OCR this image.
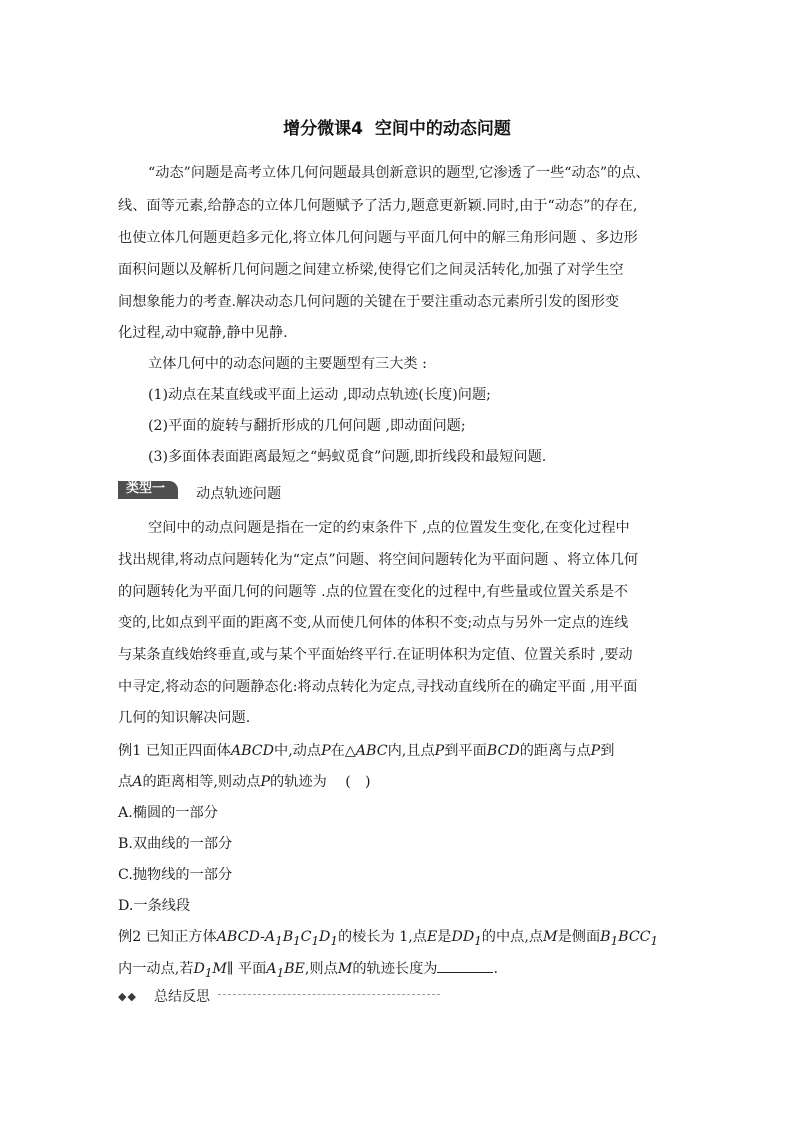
增分微课4 空间中的动态问题
“动态”问题是高考立体几何问题最具创新意识的题型,它渗透了一些“动态”的点、
线、面等元素,给静态的立体几何题赋予了活力,题意更新颖.同时,由于“动态”的存在,
也使立体几何题更趋多元化,将立体几何问题与平面几何中的解三角形问题 、多边形
面积问题以及解析几何问题之间建立桥梁,使得它们之间灵活转化,加强了对学生空
间想象能力的考查.解决动态几何问题的关键在于要注重动态元素所引发的图形变
化过程,动中窥静,静中见静.
立体几何中的动态问题的主要题型有三大类 :
(1)动点在某直线或平面上运动 ,即动点轨迹(长度)问题;
(2)平面的旋转与翻折形成的几何问题 ,即动面问题;
(3)多面体表面距离最短之“蚂蚁觅食”问题,即折线段和最短问题.
类型一 动点轨迹问题
空间中的动点问题是指在一定的约束条件下 ,点的位置发生变化,在变化过程中
找出规律,将动点问题转化为“定点”问题、将空间问题转化为平面问题 、将立体几何
的问题转化为平面几何的问题等 .点的位置在变化的过程中,有些量或位置关系是不
变的,比如点到平面的距离不变,从而使几何体的体积不变;动点与另外一定点的连线
与某条直线始终垂直,或与某个平面始终平行.在证明体积为定值、位置关系时 ,要动
中寻定,将动态的问题静态化:将动点转化为定点,寻找动直线所在的确定平面 ,用平面
几何的知识解决问题.
例1 已知正四面体ABCD中,动点P在△ABC内,且点P到平面BCD的距离与点P到
点A的距离相等,则动点P的轨迹为 (　)
A.椭圆的一部分
B.双曲线的一部分
C.抛物线的一部分
D.一条线段
例2 已知正方体ABCD-$A_1B_1C_1D_1$的棱长为 1,点E是$DD_1$的中点,点M是侧面$B_1BCC_1$
内一动点,若$D_1M\parallel$ 平面$A_1BE$,则点M的轨迹长度为	.
◆◆ 总结反思
